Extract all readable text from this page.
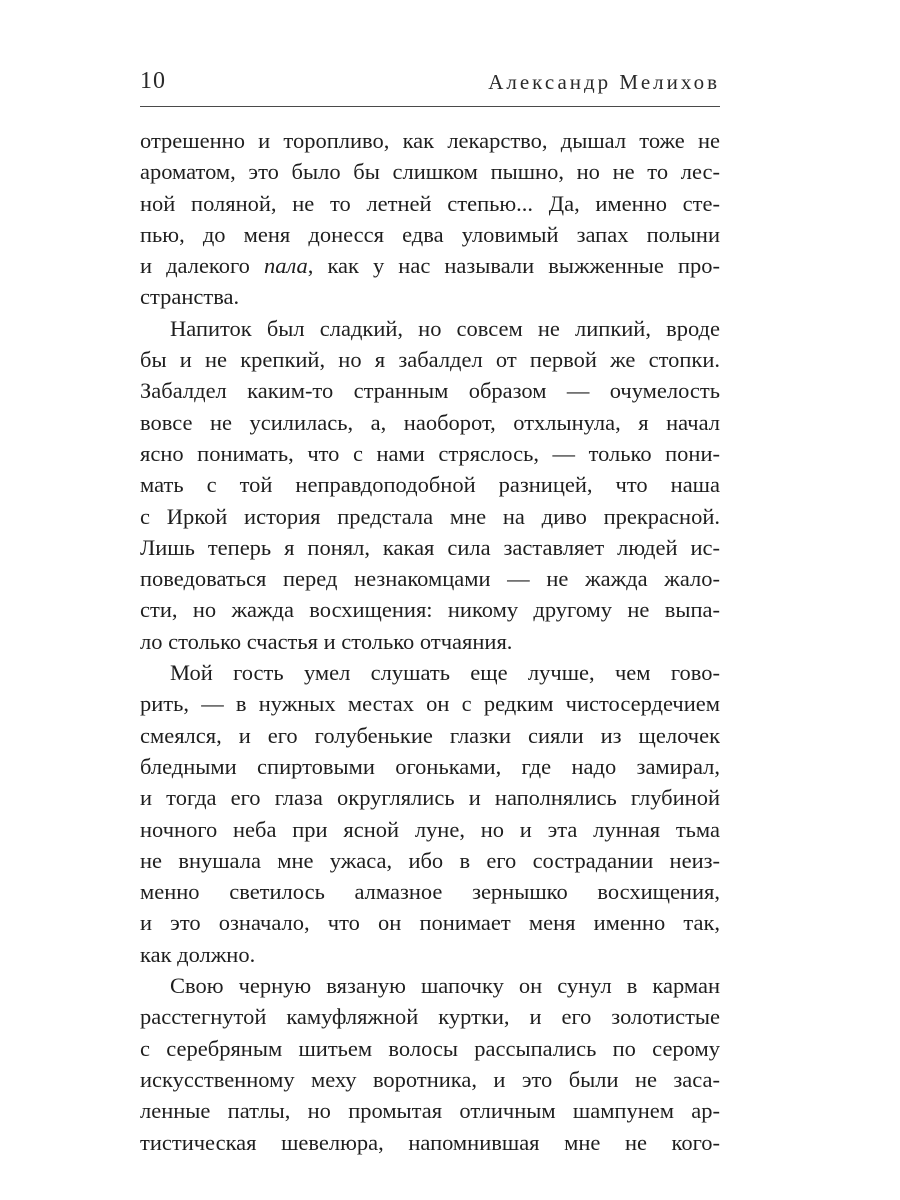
10	Александр Мелихов
отрешенно и торопливо, как лекарство, дышал тоже не
ароматом, это было бы слишком пышно, но не то лес-
ной поляной, не то летней степью... Да, именно сте-
пью, до меня донесся едва уловимый запах полыни
и далекого пала, как у нас называли выжженные про-
странства.
Напиток был сладкий, но совсем не липкий, вроде
бы и не крепкий, но я забалдел от первой же стопки.
Забалдел каким-то странным образом — очумелость
вовсе не усилилась, а, наоборот, отхлынула, я начал
ясно понимать, что с нами стряслось, — только пони-
мать с той неправдоподобной разницей, что наша
с Иркой история предстала мне на диво прекрасной.
Лишь теперь я понял, какая сила заставляет людей ис-
поведоваться перед незнакомцами — не жажда жало-
сти, но жажда восхищения: никому другому не выпа-
ло столько счастья и столько отчаяния.
Мой гость умел слушать еще лучше, чем гово-
рить, — в нужных местах он с редким чистосердечием
смеялся, и его голубенькие глазки сияли из щелочек
бледными спиртовыми огоньками, где надо замирал,
и тогда его глаза округлялись и наполнялись глубиной
ночного неба при ясной луне, но и эта лунная тьма
не внушала мне ужаса, ибо в его сострадании неиз-
менно светилось алмазное зернышко восхищения,
и это означало, что он понимает меня именно так,
как должно.
Свою черную вязаную шапочку он сунул в карман
расстегнутой камуфляжной куртки, и его золотистые
с серебряным шитьем волосы рассыпались по серому
искусственному меху воротника, и это были не заса-
ленные патлы, но промытая отличным шампунем ар-
тистическая шевелюра, напомнившая мне не кого-
